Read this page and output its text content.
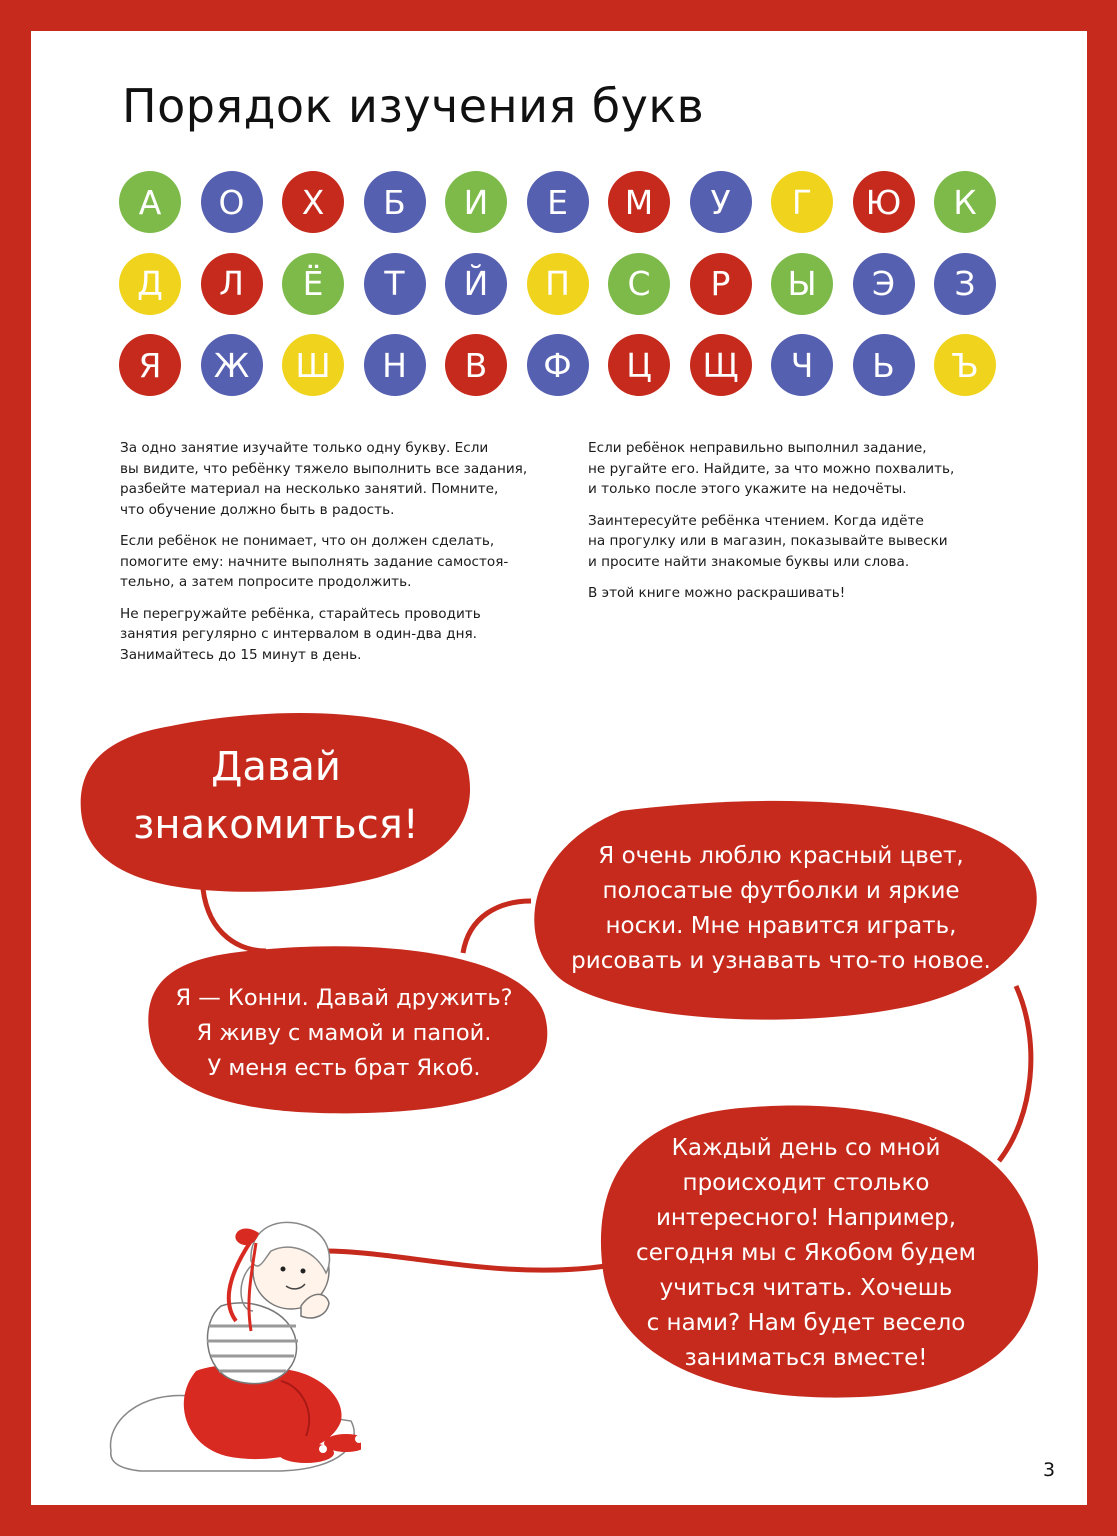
Порядок изучения букв
А	О	Х	Б	И	Е	М	У	Г	Ю	К
Д	Л	Ё	Т	Й	П	С	Р	Ы	Э	З
Я	Ж	Ш	Н	В	Ф	Ц	Щ	Ч	Ь	Ъ

За одно занятие изучайте только одну букву. Если
вы видите, что ребёнку тяжело выполнить все задания,
разбейте материал на несколько занятий. Помните,
что обучение должно быть в радость.

Если ребёнок не понимает, что он должен сделать,
помогите ему: начните выполнять задание самостоя-
тельно, а затем попросите продолжить.

Не перегружайте ребёнка, старайтесь проводить
занятия регулярно с интервалом в один-два дня.
Занимайтесь до 15 минут в день.

Если ребёнок неправильно выполнил задание,
не ругайте его. Найдите, за что можно похвалить,
и только после этого укажите на недочёты.

Заинтересуйте ребёнка чтением. Когда идёте
на прогулку или в магазин, показывайте вывески
и просите найти знакомые буквы или слова.

В этой книге можно раскрашивать!

Давай
знакомиться!

Я очень люблю красный цвет,
полосатые футболки и яркие
носки. Мне нравится играть,
рисовать и узнавать что-то новое.

Я — Конни. Давай дружить?
Я живу с мамой и папой.
У меня есть брат Якоб.

Каждый день со мной
происходит столько
интересного! Например,
сегодня мы с Якобом будем
учиться читать. Хочешь
с нами? Нам будет весело
заниматься вместе!

3
